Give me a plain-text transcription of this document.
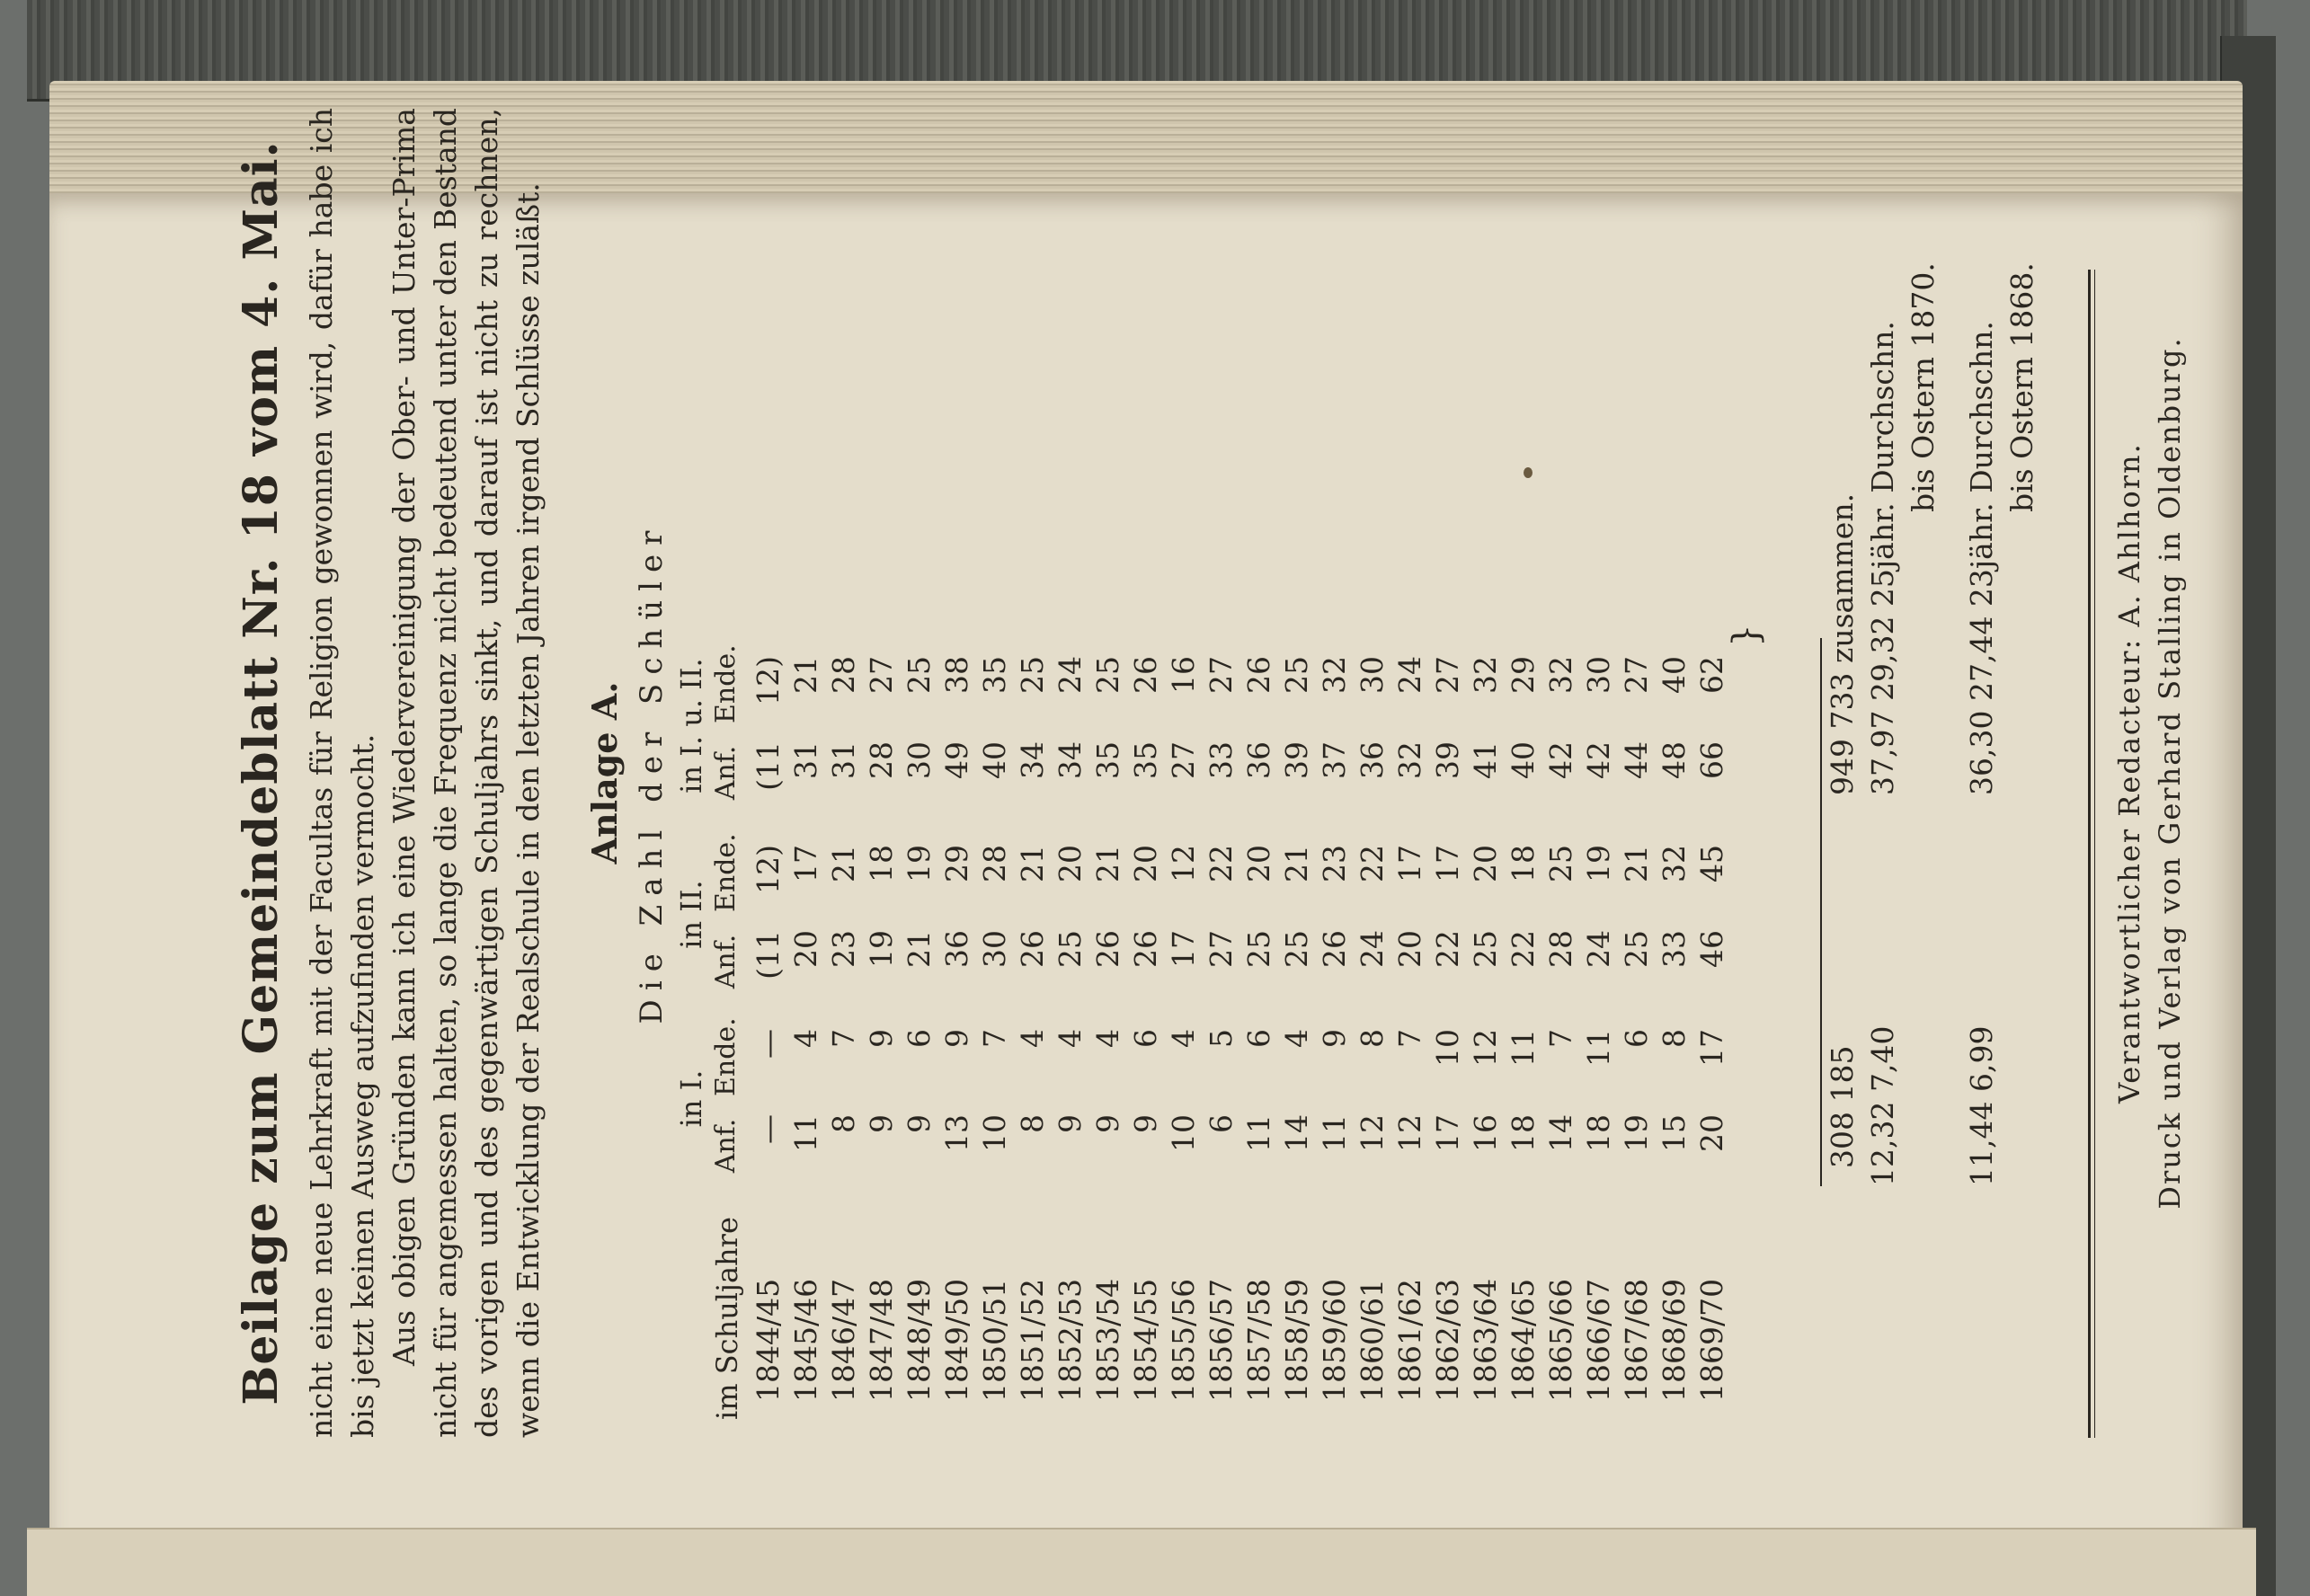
Beilage zum Gemeindeblatt Nr. 18 vom 4. Mai. nicht eine neue Lehrkraft mit der Facultas für Religion gewonnen wird, dafür habe ich bis jetzt keinen Ausweg aufzufinden vermocht. Aus obigen Gründen kann ich eine Wiedervereinigung der Ober- und Unter-Prima nicht für angemessen halten, so lange die Frequenz nicht bedeutend unter den Bestand des vorigen und des gegenwärtigen Schuljahrs sinkt, und darauf ist nicht zu rechnen, wenn die Entwicklung der Realschule in den letzten Jahren irgend Schlüsse zuläßt. Anlage A. Die Zahl der Schüler
im Schuljahre
in I.
in II.
in I. u. II.
Anf.
Ende.
Anf.
Ende.
Anf.
Ende.
1844/45
—
—
(11
12)
(11
12)
1845/46
11
4
20
17
31
21
1846/47
8
7
23
21
31
28
1847/48
9
9
19
18
28
27
1848/49
9
6
21
19
30
25
1849/50
13
9
36
29
49
38
1850/51
10
7
30
28
40
35
1851/52
8
4
26
21
34
25
1852/53
9
4
25
20
34
24
1853/54
9
4
26
21
35
25
1854/55
9
6
26
20
35
26
1855/56
10
4
17
12
27
16
1856/57
6
5
27
22
33
27
1857/58
11
6
25
20
36
26
1858/59
14
4
25
21
39
25
1859/60
11
9
26
23
37
32
1860/61
12
8
24
22
36
30
1861/62
12
7
20
17
32
24
1862/63
17
10
22
17
39
27
1863/64
16
12
25
20
41
32
1864/65
18
11
22
18
40
29
1865/66
14
7
28
25
42
32
1866/67
18
11
24
19
42
30
1867/68
19
6
25
21
44
27
1868/69
15
8
33
32
48
40
1869/70
20
17
46
45
66
62
}
308 185
949 733 zusammen.
12,32 7,40
37,97 29,32 25jähr. Durchschn. bis Ostern 1870.
11,44 6,99
36,30 27,44 23jähr. Durchschn. bis Ostern 1868.
Verantwortlicher Redacteur: A. Ahlhorn. Druck und Verlag von Gerhard Stalling in Oldenburg.
